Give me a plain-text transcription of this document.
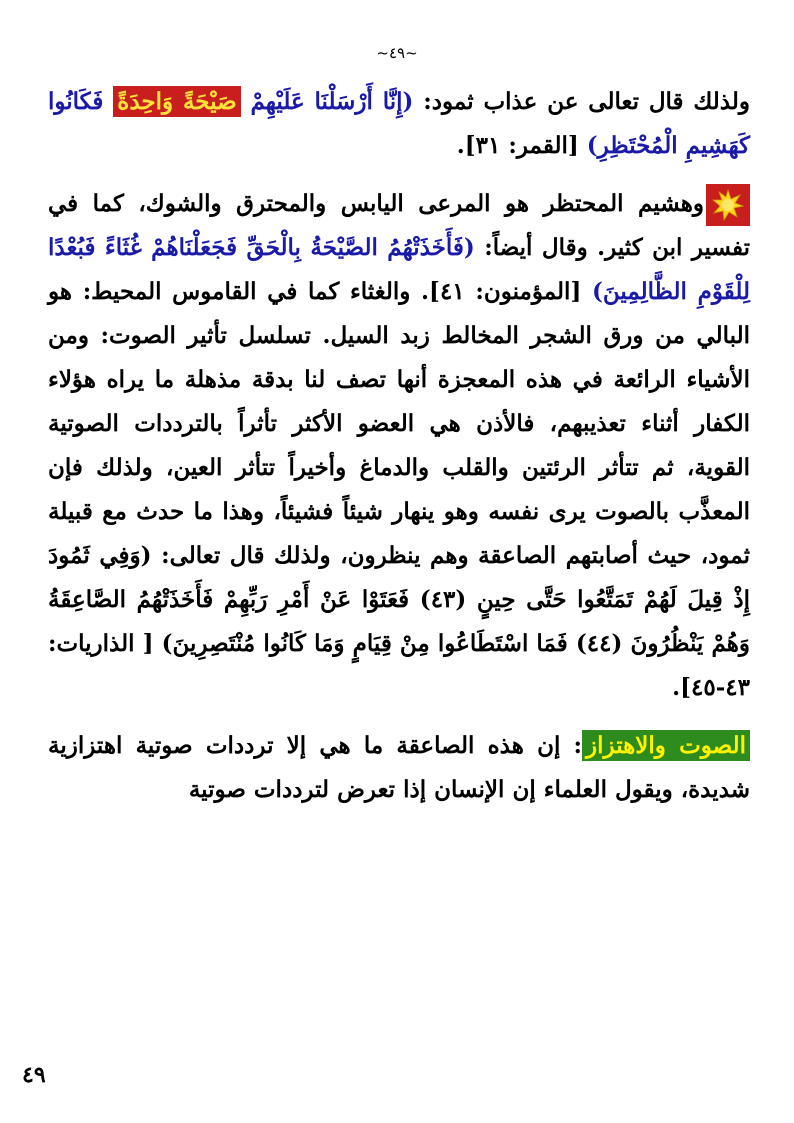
~٤٩~

ولذلك قال تعالى عن عذاب ثمود: (إِنَّا أَرْسَلْنَا عَلَيْهِمْ صَيْحَةً وَاحِدَةً فَكَانُوا كَهَشِيمِ الْمُحْتَظِرِ) [القمر: ٣١].

وهشيم المحتظر هو المرعى اليابس والمحترق والشوك، كما في تفسير ابن كثير. وقال أيضاً: (فَأَخَذَتْهُمُ الصَّيْحَةُ بِالْحَقِّ فَجَعَلْنَاهُمْ غُثَاءً فَبُعْدًا لِلْقَوْمِ الظَّالِمِينَ) [المؤمنون: ٤١]. والغثاء كما في القاموس المحيط: هو البالي من ورق الشجر المخالط زبد السيل. تسلسل تأثير الصوت: ومن الأشياء الرائعة في هذه المعجزة أنها تصف لنا بدقة مذهلة ما يراه هؤلاء الكفار أثناء تعذيبهم، فالأذن هي العضو الأكثر تأثراً بالترددات الصوتية القوية، ثم تتأثر الرئتين والقلب والدماغ وأخيراً تتأثر العين، ولذلك فإن المعذَّب بالصوت يرى نفسه وهو ينهار شيئاً فشيئاً، وهذا ما حدث مع قبيلة ثمود، حيث أصابتهم الصاعقة وهم ينظرون، ولذلك قال تعالى: (وَفِي ثَمُودَ إِذْ قِيلَ لَهُمْ تَمَتَّعُوا حَتَّى حِينٍ (٤٣) فَعَتَوْا عَنْ أَمْرِ رَبِّهِمْ فَأَخَذَتْهُمُ الصَّاعِقَةُ وَهُمْ يَنْظُرُونَ (٤٤) فَمَا اسْتَطَاعُوا مِنْ قِيَامٍ وَمَا كَانُوا مُنْتَصِرِينَ) [ الذاريات: ٤٣-٤٥].

الصوت والاهتزاز: إن هذه الصاعقة ما هي إلا ترددات صوتية اهتزازية شديدة، ويقول العلماء إن الإنسان إذا تعرض لترددات صوتية

٤٩
